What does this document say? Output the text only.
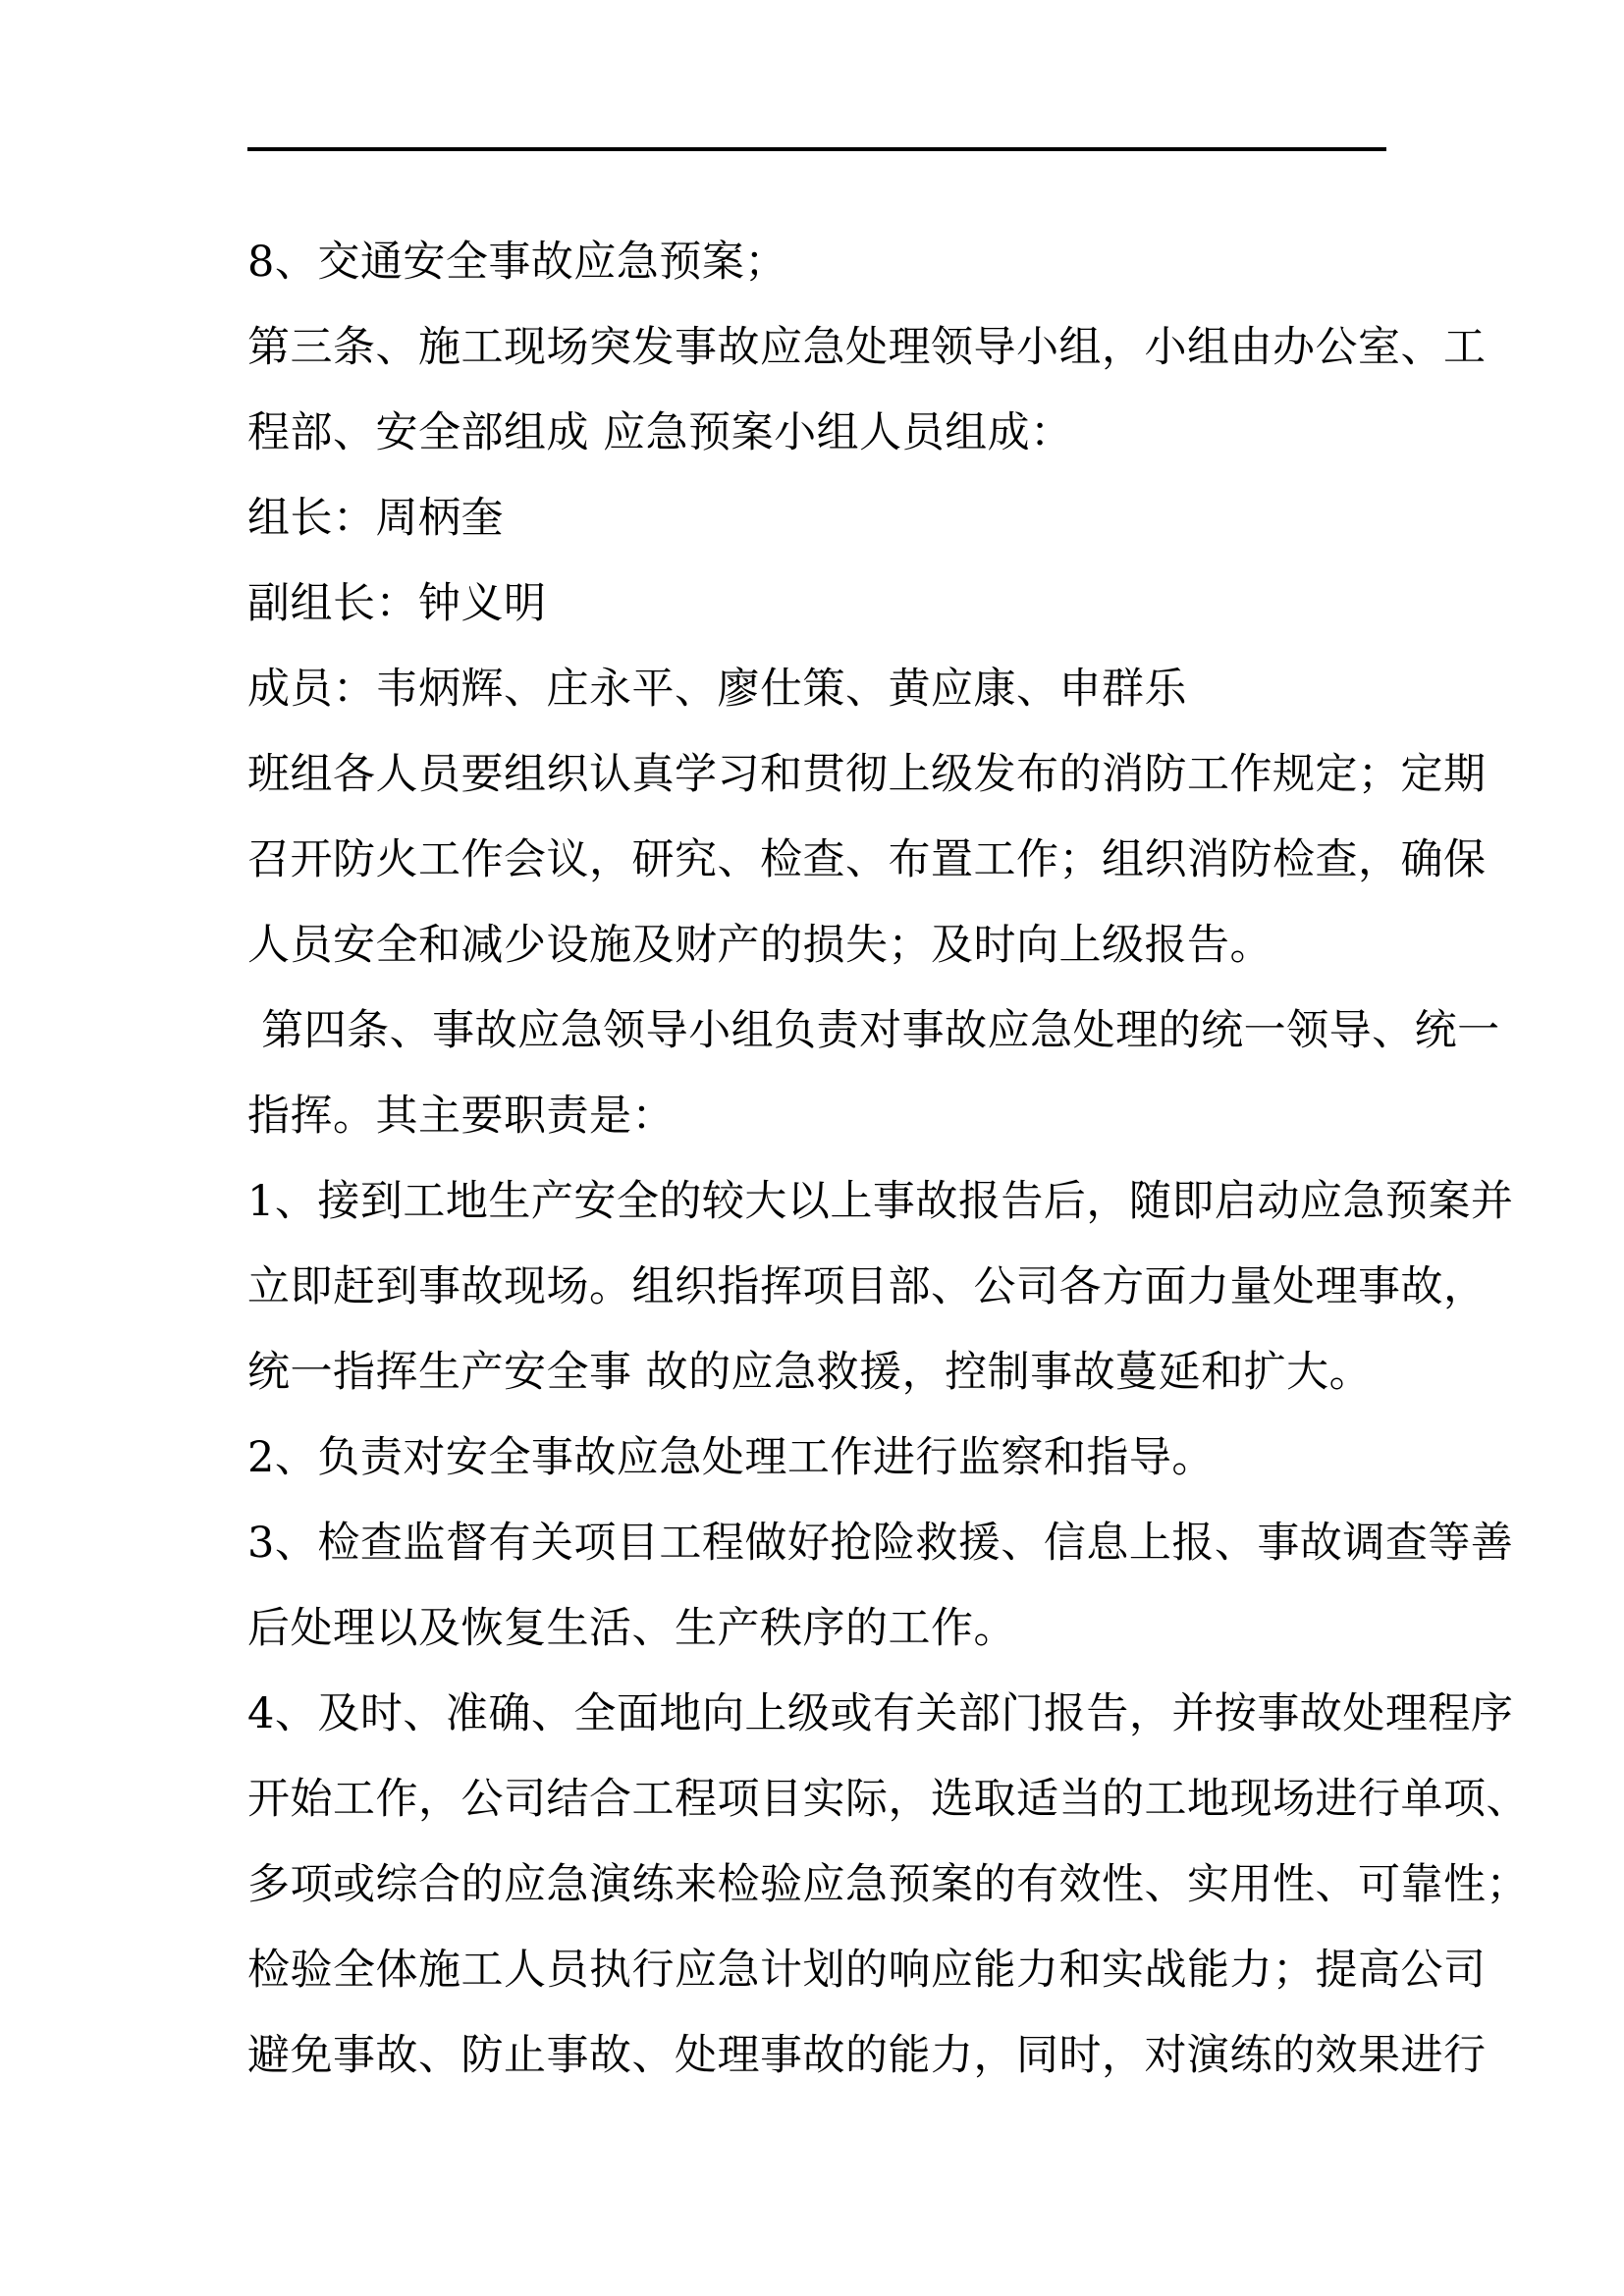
8、交通安全事故应急预案；
第三条、施工现场突发事故应急处理领导小组，小组由办公室、工
程部、安全部组成 应急预案小组人员组成：
组长：周柄奎
副组长：钟义明
成员：韦炳辉、庄永平、廖仕策、黄应康、申群乐
班组各人员要组织认真学习和贯彻上级发布的消防工作规定；定期
召开防火工作会议，研究、检查、布置工作；组织消防检查，确保
人员安全和减少设施及财产的损失；及时向上级报告。
第四条、事故应急领导小组负责对事故应急处理的统一领导、统一
指挥。其主要职责是：
1、接到工地生产安全的较大以上事故报告后，随即启动应急预案并
立即赶到事故现场。组织指挥项目部、公司各方面力量处理事故，
统一指挥生产安全事 故的应急救援，控制事故蔓延和扩大。
2、负责对安全事故应急处理工作进行监察和指导。
3、检查监督有关项目工程做好抢险救援、信息上报、事故调查等善
后处理以及恢复生活、生产秩序的工作。
4、及时、准确、全面地向上级或有关部门报告，并按事故处理程序
开始工作，公司结合工程项目实际，选取适当的工地现场进行单项、
多项或综合的应急演练来检验应急预案的有效性、实用性、可靠性；
检验全体施工人员执行应急计划的响应能力和实战能力；提高公司
避免事故、防止事故、处理事故的能力，同时，对演练的效果进行
